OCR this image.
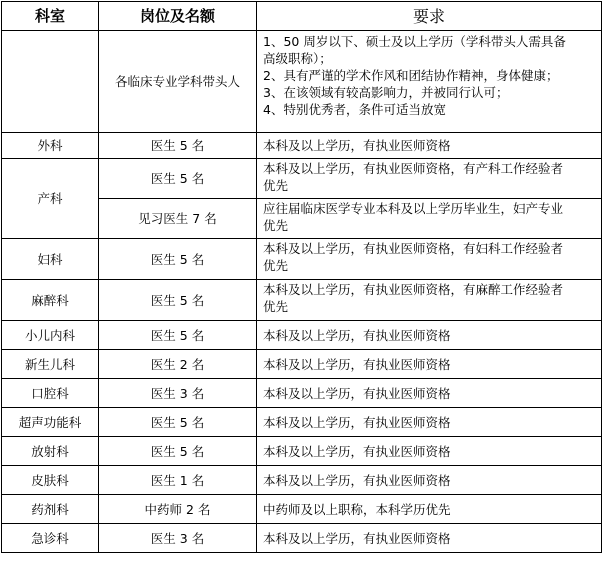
科室	岗位及名额	要求
	各临床专业学科带头人	1、50 周岁以下、硕士及以上学历（学科带头人需具备
高级职称）；
2、具有严谨的学术作风和团结协作精神，身体健康；
3、在该领域有较高影响力，并被同行认可；
4、特别优秀者，条件可适当放宽

外科	医生 5 名	本科及以上学历，有执业医师资格

产科	医生 5 名	本科及以上学历，有执业医师资格，有产科工作经验者
优先

	见习医生 7 名	应往届临床医学专业本科及以上学历毕业生，妇产专业
优先

妇科	医生 5 名	本科及以上学历，有执业医师资格，有妇科工作经验者
优先

麻醉科	医生 5 名	本科及以上学历，有执业医师资格，有麻醉工作经验者
优先

小儿内科	医生 5 名	本科及以上学历，有执业医师资格

新生儿科	医生 2 名	本科及以上学历，有执业医师资格

口腔科	医生 3 名	本科及以上学历，有执业医师资格

超声功能科	医生 5 名	本科及以上学历，有执业医师资格

放射科	医生 5 名	本科及以上学历，有执业医师资格

皮肤科	医生 1 名	本科及以上学历，有执业医师资格

药剂科	中药师 2 名	中药师及以上职称，本科学历优先

急诊科	医生 3 名	本科及以上学历，有执业医师资格
